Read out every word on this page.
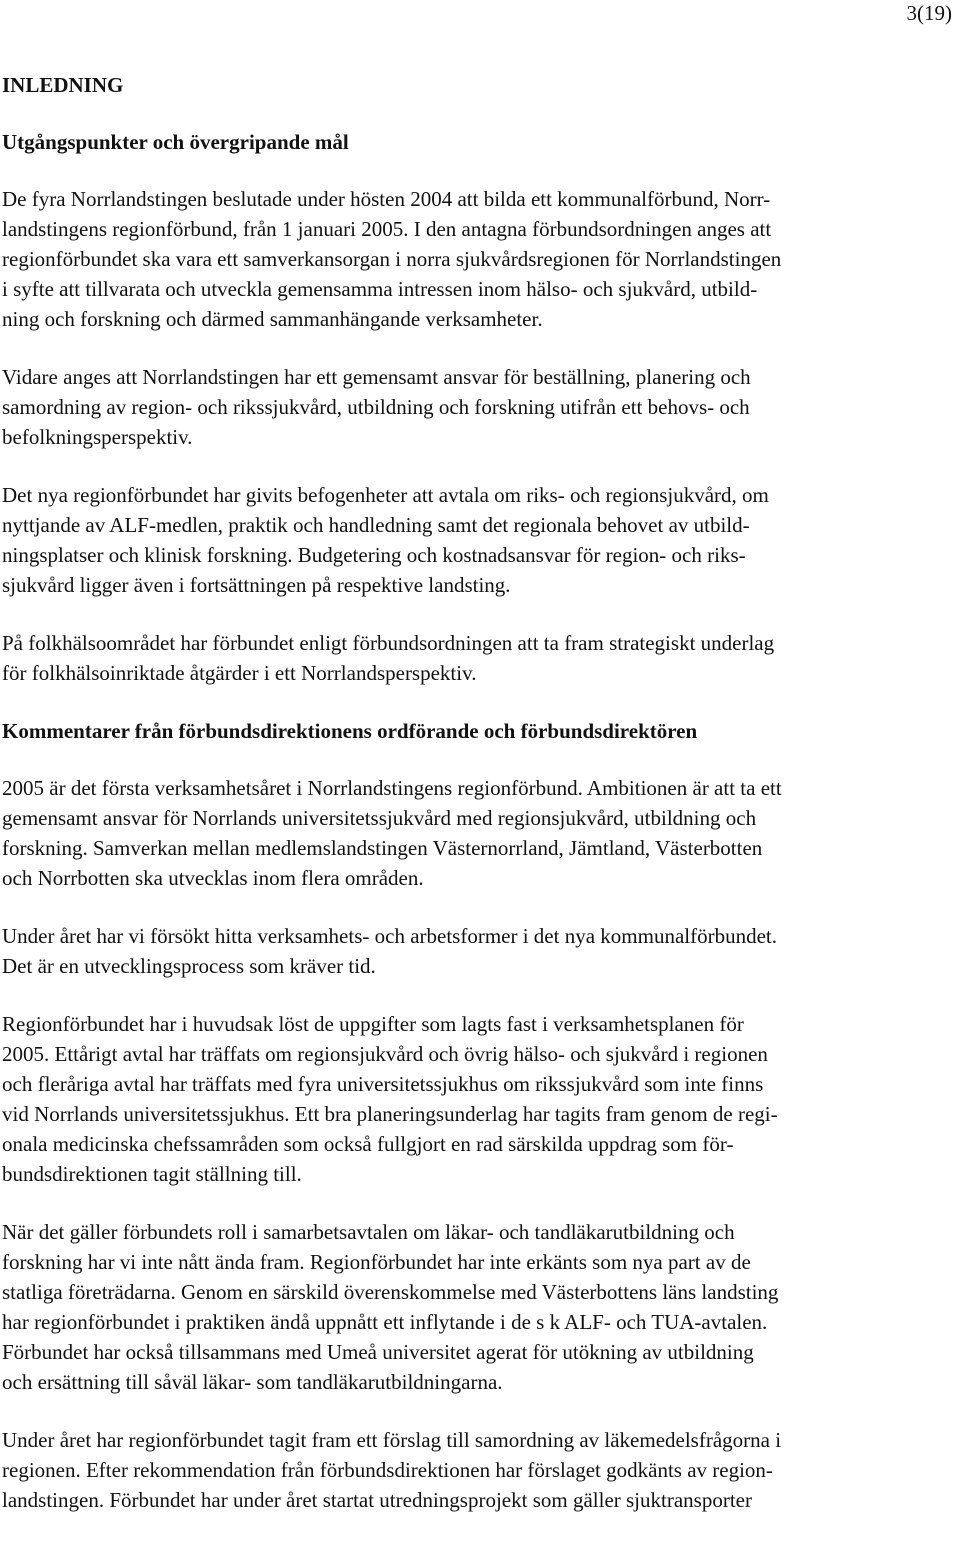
3(19)
INLEDNING
Utgångspunkter och övergripande mål
De fyra Norrlandstingen beslutade under hösten 2004 att bilda ett kommunalförbund, Norr-
landstingens regionförbund, från 1 januari 2005. I den antagna förbundsordningen anges att
regionförbundet ska vara ett samverkansorgan i norra sjukvårdsregionen för Norrlandstingen
i syfte att tillvarata och utveckla gemensamma intressen inom hälso- och sjukvård, utbild-
ning och forskning och därmed sammanhängande verksamheter.
Vidare anges att Norrlandstingen har ett gemensamt ansvar för beställning, planering och
samordning av region- och rikssjukvård, utbildning och forskning utifrån ett behovs- och
befolkningsperspektiv.
Det nya regionförbundet har givits befogenheter att avtala om riks- och regionsjukvård, om
nyttjande av ALF-medlen, praktik och handledning samt det regionala behovet av utbild-
ningsplatser och klinisk forskning. Budgetering och kostnadsansvar för region- och riks-
sjukvård ligger även i fortsättningen på respektive landsting.
På folkhälsoområdet har förbundet enligt förbundsordningen att ta fram strategiskt underlag
för folkhälsoinriktade åtgärder i ett Norrlandsperspektiv.
Kommentarer från förbundsdirektionens ordförande och förbundsdirektören
2005 är det första verksamhetsåret i Norrlandstingens regionförbund. Ambitionen är att ta ett
gemensamt ansvar för Norrlands universitetssjukvård med regionsjukvård, utbildning och
forskning. Samverkan mellan medlemslandstingen Västernorrland, Jämtland, Västerbotten
och Norrbotten ska utvecklas inom flera områden.
Under året har vi försökt hitta verksamhets- och arbetsformer i det nya kommunalförbundet.
Det är en utvecklingsprocess som kräver tid.
Regionförbundet har i huvudsak löst de uppgifter som lagts fast i verksamhetsplanen för
2005. Ettårigt avtal har träffats om regionsjukvård och övrig hälso- och sjukvård i regionen
och fleråriga avtal har träffats med fyra universitetssjukhus om rikssjukvård som inte finns
vid Norrlands universitetssjukhus. Ett bra planeringsunderlag har tagits fram genom de regi-
onala medicinska chefssamråden som också fullgjort en rad särskilda uppdrag som för-
bundsdirektionen tagit ställning till.
När det gäller förbundets roll i samarbetsavtalen om läkar- och tandläkarutbildning och
forskning har vi inte nått ända fram. Regionförbundet har inte erkänts som nya part av de
statliga företrädarna. Genom en särskild överenskommelse med Västerbottens läns landsting
har regionförbundet i praktiken ändå uppnått ett inflytande i de s k ALF- och TUA-avtalen.
Förbundet har också tillsammans med Umeå universitet agerat för utökning av utbildning
och ersättning till såväl läkar- som tandläkarutbildningarna.
Under året har regionförbundet tagit fram ett förslag till samordning av läkemedelsfrågorna i
regionen. Efter rekommendation från förbundsdirektionen har förslaget godkänts av region-
landstingen. Förbundet har under året startat utredningsprojekt som gäller sjuktransporter
